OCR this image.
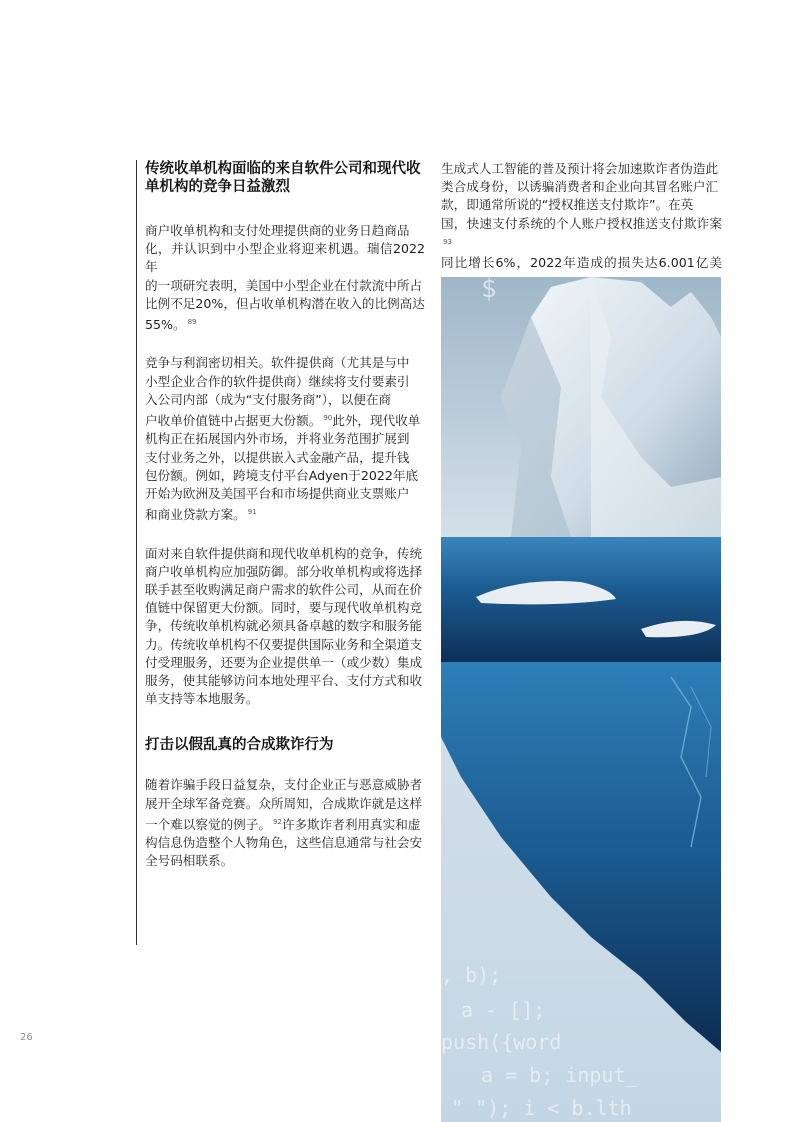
传统收单机构面临的来自软件公司和现代收
单机构的竞争日益激烈

商户收单机构和支付处理提供商的业务日趋商品
化，并认识到中小型企业将迎来机遇。瑞信2022年
的一项研究表明，美国中小型企业在付款流中所占
比例不足20%，但占收单机构潜在收入的比例高达
55%。 $^{89}$

竞争与利润密切相关。软件提供商（尤其是与中
小型企业合作的软件提供商）继续将支付要素引
入公司内部（成为“支付服务商”），以便在商
户收单价值链中占据更大份额。 $^{90}$此外，现代收单
机构正在拓展国内外市场，并将业务范围扩展到
支付业务之外，以提供嵌入式金融产品，提升钱
包份额。例如，跨境支付平台Adyen于2022年底
开始为欧洲及美国平台和市场提供商业支票账户
和商业贷款方案。 $^{91}$

面对来自软件提供商和现代收单机构的竞争，传统
商户收单机构应加强防御。部分收单机构或将选择
联手甚至收购满足商户需求的软件公司，从而在价
值链中保留更大份额。同时，要与现代收单机构竞
争，传统收单机构就必须具备卓越的数字和服务能
力。传统收单机构不仅要提供国际业务和全渠道支
付受理服务，还要为企业提供单一（或少数）集成
服务，使其能够访问本地处理平台、支付方式和收
单支持等本地服务。

打击以假乱真的合成欺诈行为

随着诈骗手段日益复杂，支付企业正与恶意威胁者
展开全球军备竞赛。众所周知，合成欺诈就是这样
一个难以察觉的例子。 $^{92}$许多欺诈者利用真实和虚
构信息伪造整个人物角色，这些信息通常与社会安
全号码相联系。

生成式人工智能的普及预计将会加速欺诈者伪造此
类合成身份，以诱骗消费者和企业向其冒名账户汇
款，即通常所说的“授权推送支付欺诈”。在英
国，快速支付系统的个人账户授权推送支付欺诈案$^{93}$
同比增长6%，2022年造成的损失达6.001亿美

$
, b);
a - [];
push({word
a = b; input_
" "); i < b.lth
26
